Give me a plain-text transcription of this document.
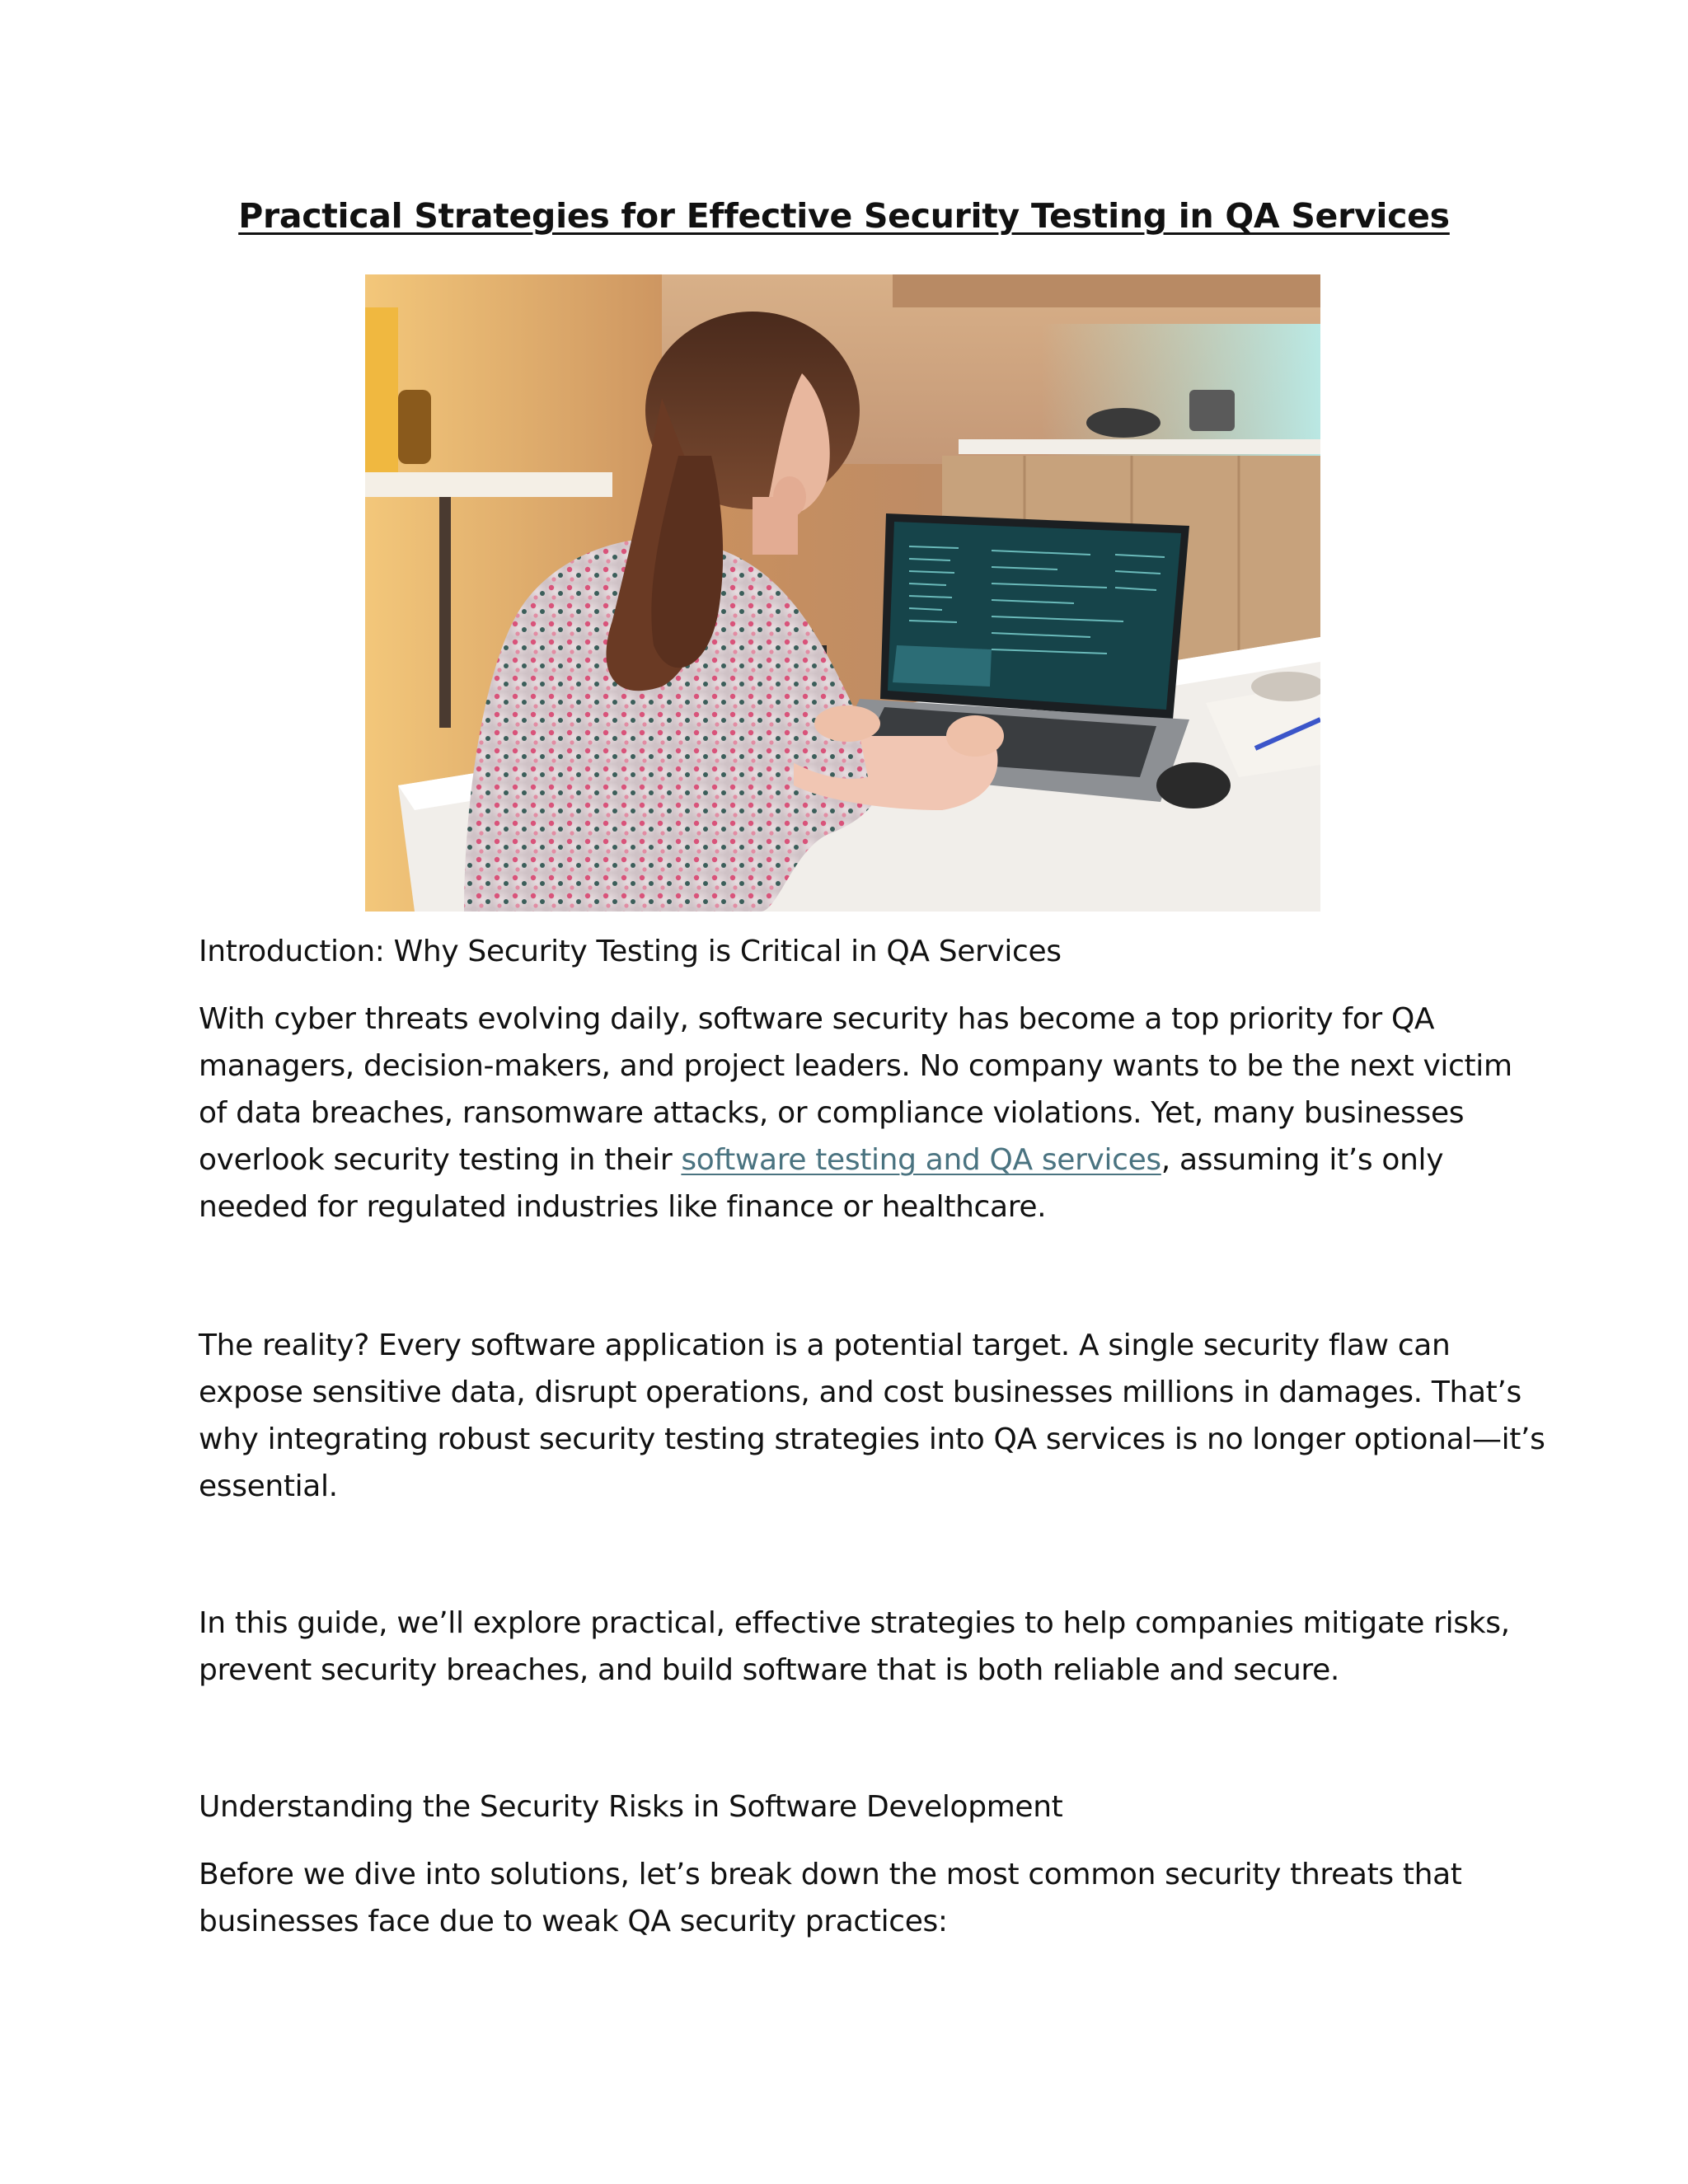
Practical Strategies for Effective Security Testing in QA Services
Introduction: Why Security Testing is Critical in QA Services
With cyber threats evolving daily, software security has become a top priority for QA
managers, decision-makers, and project leaders. No company wants to be the next victim
of data breaches, ransomware attacks, or compliance violations. Yet, many businesses
overlook security testing in their software testing and QA services, assuming it’s only
needed for regulated industries like finance or healthcare.
The reality? Every software application is a potential target. A single security flaw can
expose sensitive data, disrupt operations, and cost businesses millions in damages. That’s
why integrating robust security testing strategies into QA services is no longer optional—it’s
essential.
In this guide, we’ll explore practical, effective strategies to help companies mitigate risks,
prevent security breaches, and build software that is both reliable and secure.
Understanding the Security Risks in Software Development
Before we dive into solutions, let’s break down the most common security threats that
businesses face due to weak QA security practices:
